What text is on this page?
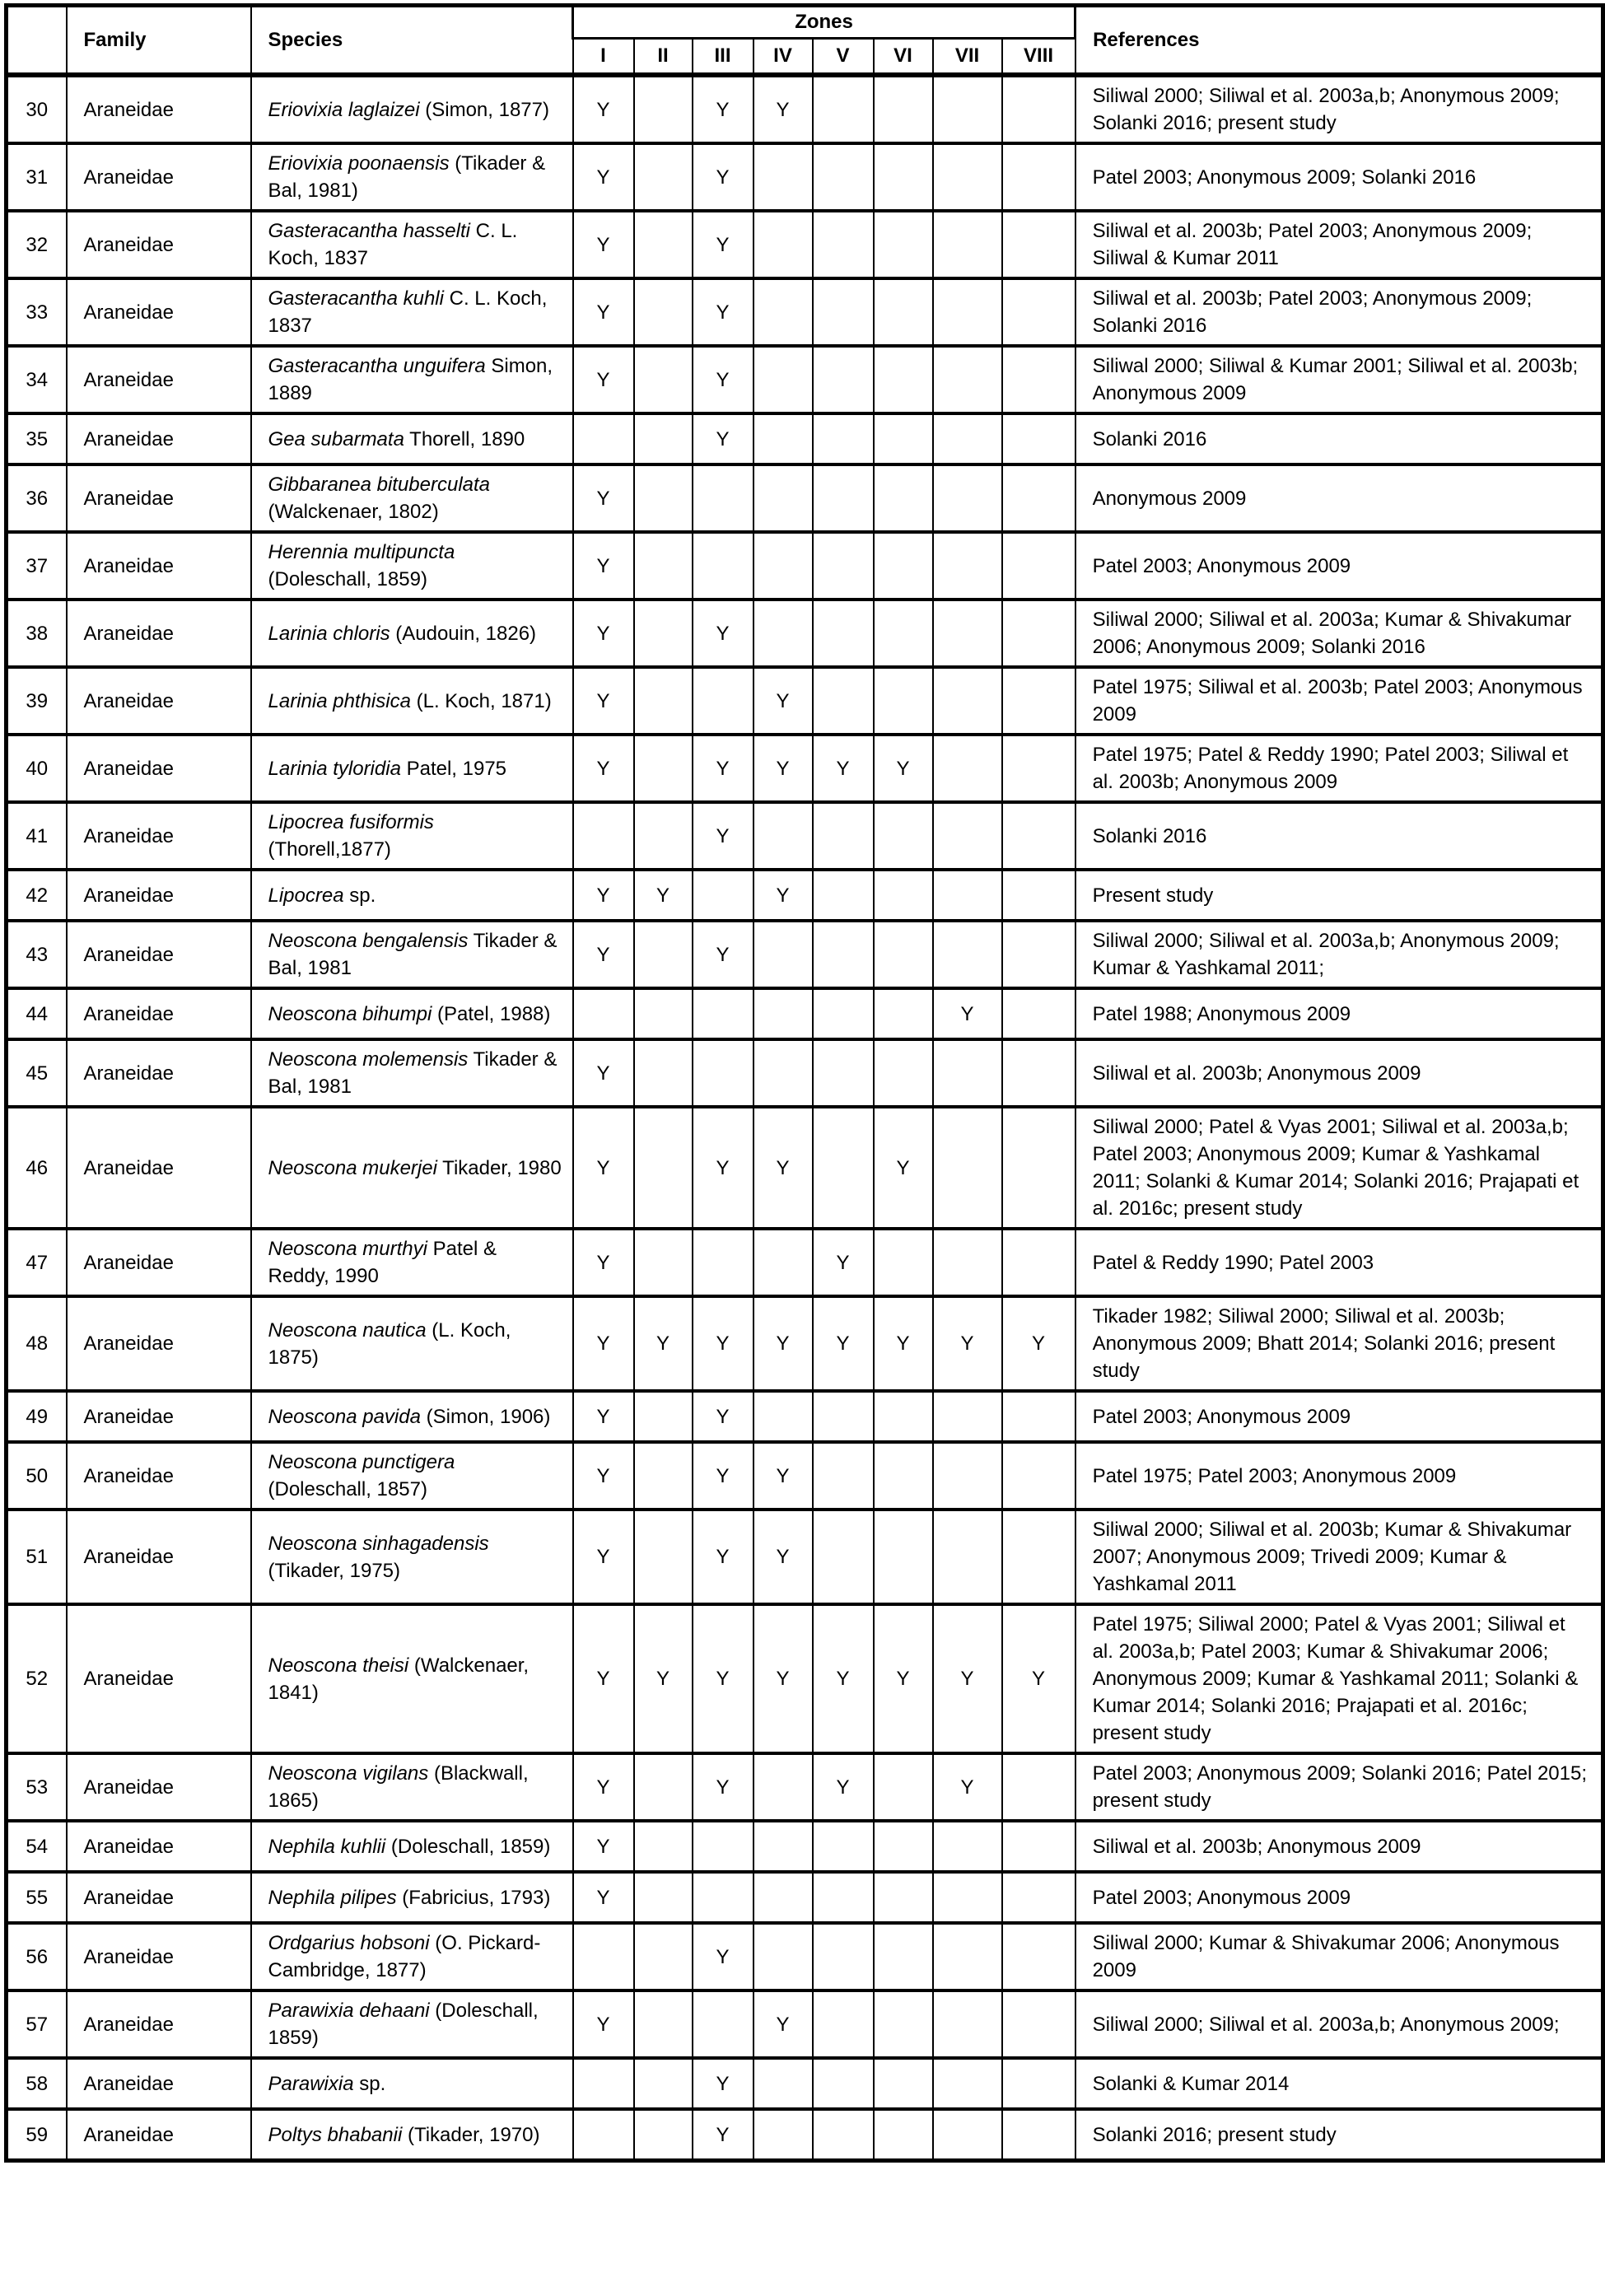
	Family	Species	Zones								References
			I	II	III	IV	V	VI	VII	VIII	
30	Araneidae	Eriovixia laglaizei (Simon, 1877)	Y		Y	Y					Siliwal 2000; Siliwal et al. 2003a,b; Anonymous 2009; Solanki 2016; present study
31	Araneidae	Eriovixia poonaensis (Tikader & Bal, 1981)	Y		Y						Patel 2003; Anonymous 2009; Solanki 2016
32	Araneidae	Gasteracantha hasselti C. L. Koch, 1837	Y		Y						Siliwal et al. 2003b; Patel 2003; Anonymous 2009; Siliwal & Kumar 2011
33	Araneidae	Gasteracantha kuhli C. L. Koch, 1837	Y		Y						Siliwal et al. 2003b; Patel 2003; Anonymous 2009; Solanki 2016
34	Araneidae	Gasteracantha unguifera Simon, 1889	Y		Y						Siliwal 2000; Siliwal & Kumar 2001; Siliwal et al. 2003b; Anonymous 2009
35	Araneidae	Gea subarmata Thorell, 1890			Y						Solanki 2016
36	Araneidae	Gibbaranea bituberculata (Walckenaer, 1802)	Y								Anonymous 2009
37	Araneidae	Herennia multipuncta (Doleschall, 1859)	Y								Patel 2003; Anonymous 2009
38	Araneidae	Larinia chloris (Audouin, 1826)	Y		Y						Siliwal 2000; Siliwal et al. 2003a; Kumar & Shivakumar 2006; Anonymous 2009; Solanki 2016
39	Araneidae	Larinia phthisica (L. Koch, 1871)	Y			Y					Patel 1975; Siliwal et al. 2003b; Patel 2003; Anonymous 2009
40	Araneidae	Larinia tyloridia Patel, 1975	Y		Y	Y	Y	Y			Patel 1975; Patel & Reddy 1990; Patel 2003; Siliwal et al. 2003b; Anonymous 2009
41	Araneidae	Lipocrea fusiformis (Thorell,1877)			Y						Solanki 2016
42	Araneidae	Lipocrea sp.	Y	Y		Y					Present study
43	Araneidae	Neoscona bengalensis Tikader & Bal, 1981	Y		Y						Siliwal 2000; Siliwal et al. 2003a,b; Anonymous 2009; Kumar & Yashkamal 2011;
44	Araneidae	Neoscona bihumpi (Patel, 1988)							Y		Patel 1988; Anonymous 2009
45	Araneidae	Neoscona molemensis Tikader & Bal, 1981	Y								Siliwal et al. 2003b; Anonymous 2009
46	Araneidae	Neoscona mukerjei Tikader, 1980	Y		Y	Y		Y			Siliwal 2000; Patel & Vyas 2001; Siliwal et al. 2003a,b; Patel 2003; Anonymous 2009; Kumar & Yashkamal 2011; Solanki & Kumar 2014; Solanki 2016; Prajapati et al. 2016c; present study
47	Araneidae	Neoscona murthyi Patel & Reddy, 1990	Y				Y				Patel & Reddy 1990; Patel 2003
48	Araneidae	Neoscona nautica (L. Koch, 1875)	Y	Y	Y	Y	Y	Y	Y	Y	Tikader 1982; Siliwal 2000; Siliwal et al. 2003b; Anonymous 2009; Bhatt 2014; Solanki 2016; present study
49	Araneidae	Neoscona pavida (Simon, 1906)	Y		Y						Patel 2003; Anonymous 2009
50	Araneidae	Neoscona punctigera (Doleschall, 1857)	Y		Y	Y					Patel 1975; Patel 2003; Anonymous 2009
51	Araneidae	Neoscona sinhagadensis (Tikader, 1975)	Y		Y	Y					Siliwal 2000; Siliwal et al. 2003b; Kumar & Shivakumar 2007; Anonymous 2009; Trivedi 2009; Kumar & Yashkamal 2011
52	Araneidae	Neoscona theisi (Walckenaer, 1841)	Y	Y	Y	Y	Y	Y	Y	Y	Patel 1975; Siliwal 2000; Patel & Vyas 2001; Siliwal et al. 2003a,b; Patel 2003; Kumar & Shivakumar 2006; Anonymous 2009; Kumar & Yashkamal 2011; Solanki & Kumar 2014; Solanki 2016; Prajapati et al. 2016c; present study
53	Araneidae	Neoscona vigilans (Blackwall, 1865)	Y		Y		Y		Y		Patel 2003; Anonymous 2009; Solanki 2016; Patel 2015; present study
54	Araneidae	Nephila kuhlii (Doleschall, 1859)	Y								Siliwal et al. 2003b; Anonymous 2009
55	Araneidae	Nephila pilipes (Fabricius, 1793)	Y								Patel 2003; Anonymous 2009
56	Araneidae	Ordgarius hobsoni (O. Pickard-Cambridge, 1877)			Y						Siliwal 2000; Kumar & Shivakumar 2006; Anonymous 2009
57	Araneidae	Parawixia dehaani (Doleschall, 1859)	Y			Y					Siliwal 2000; Siliwal et al. 2003a,b; Anonymous 2009;
58	Araneidae	Parawixia sp.			Y						Solanki & Kumar 2014
59	Araneidae	Poltys bhabanii (Tikader, 1970)			Y						Solanki 2016; present study
